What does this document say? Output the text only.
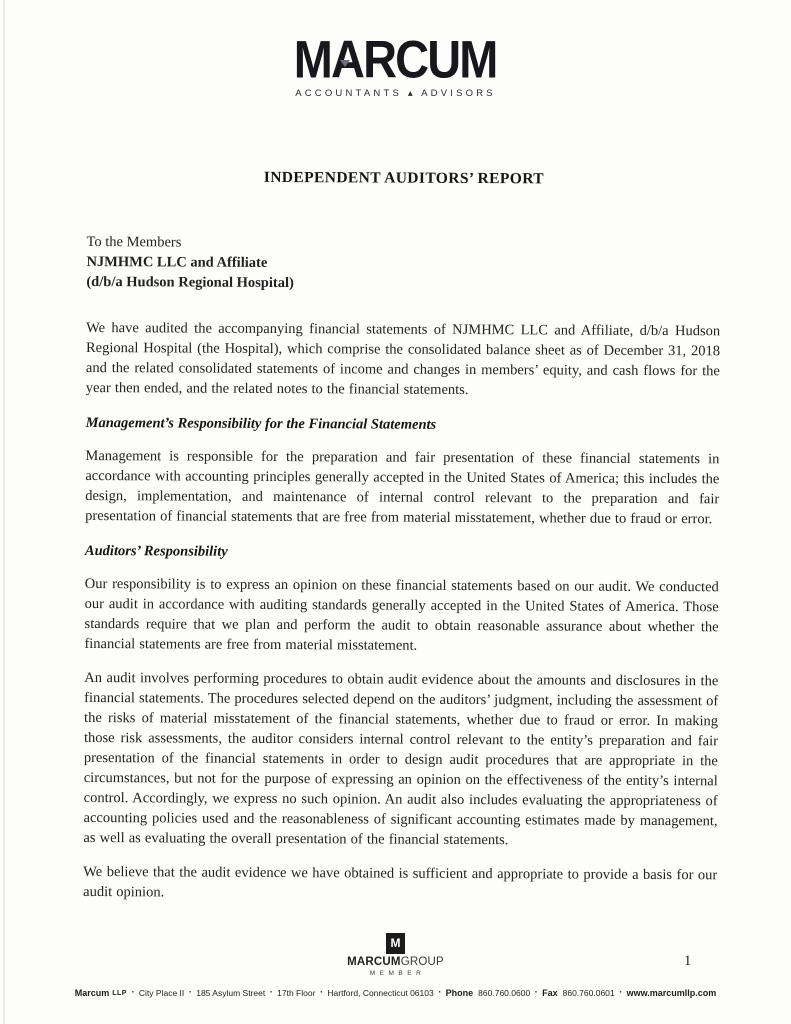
MARCUM
ACCOUNTANTS ▴ ADVISORS
INDEPENDENT AUDITORS’ REPORT
To the Members
NJMHMC LLC and Affiliate
(d/b/a Hudson Regional Hospital)

We have audited the accompanying financial statements of NJMHMC LLC and Affiliate, d/b/a Hudson Regional Hospital (the Hospital), which comprise the consolidated balance sheet as of December 31, 2018 and the related consolidated statements of income and changes in members’ equity, and cash flows for the year then ended, and the related notes to the financial statements.

Management’s Responsibility for the Financial Statements

Management is responsible for the preparation and fair presentation of these financial statements in accordance with accounting principles generally accepted in the United States of America; this includes the design, implementation, and maintenance of internal control relevant to the preparation and fair presentation of financial statements that are free from material misstatement, whether due to fraud or error.

Auditors’ Responsibility

Our responsibility is to express an opinion on these financial statements based on our audit. We conducted our audit in accordance with auditing standards generally accepted in the United States of America. Those standards require that we plan and perform the audit to obtain reasonable assurance about whether the financial statements are free from material misstatement.

An audit involves performing procedures to obtain audit evidence about the amounts and disclosures in the financial statements. The procedures selected depend on the auditors’ judgment, including the assessment of the risks of material misstatement of the financial statements, whether due to fraud or error. In making those risk assessments, the auditor considers internal control relevant to the entity’s preparation and fair presentation of the financial statements in order to design audit procedures that are appropriate in the circumstances, but not for the purpose of expressing an opinion on the effectiveness of the entity’s internal control. Accordingly, we express no such opinion. An audit also includes evaluating the appropriateness of accounting policies used and the reasonableness of significant accounting estimates made by management, as well as evaluating the overall presentation of the financial statements.

We believe that the audit evidence we have obtained is sufficient and appropriate to provide a basis for our audit opinion.

M
MARCUMGROUP
MEMBER
1
Marcum LLP ▪ City Place II ▪ 185 Asylum Street ▪ 17th Floor ▪ Hartford, Connecticut 06103 ▪ Phone 860.760.0600 ▪ Fax 860.760.0601 ▪ www.marcumllp.com
